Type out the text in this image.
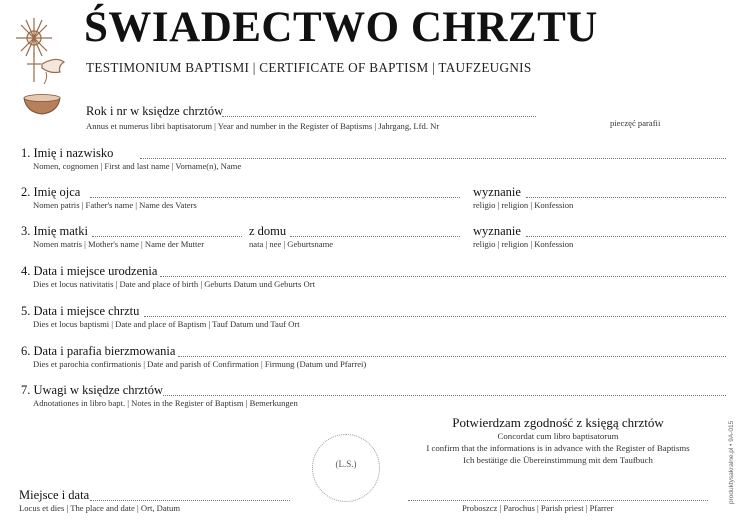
ŚWIADECTWO CHRZTU
TESTIMONIUM BAPTISMI | CERTIFICATE OF BAPTISM | TAUFZEUGNIS
Rok i nr w księdze chrztów
Annus et numerus libri baptisatorum | Year and number in the Register of Baptisms | Jahrgang, Lfd. Nr	pieczęć parafii
1. Imię i nazwisko
Nomen, cognomen | First and last name | Vorname(n), Name
2. Imię ojca
Nomen patris | Father's name | Name des Vaters
wyznanie
religio | religion | Konfession
3. Imię matki
Nomen matris | Mother's name | Name der Mutter
z domu
nata | nee | Geburtsname
wyznanie
religio | religion | Konfession
4. Data i miejsce urodzenia
Dies et locus nativitatis | Date and place of birth | Geburts Datum und Geburts Ort
5. Data i miejsce chrztu
Dies et locus baptismi | Date and place of Baptism | Tauf Datum und Tauf Ort
6. Data i parafia bierzmowania
Dies et parochia confirmationis | Date and parish of Confirmation | Firmung (Datum und Pfarrei)
7. Uwagi w księdze chrztów
Adnotationes in libro bapt. | Notes in the Register of Baptism | Bemerkungen
Potwierdzam zgodność z księgą chrztów
Concordat cum libro baptisatorum
I confirm that the informations is in advance with the Register of Baptisms
Ich bestätige die Übereinstimmung mit dem Taufbuch
(L.S.)
Miejsce i data
Locus et dies | The place and date | Ort, Datum	Proboszcz | Parochus | Parish priest | Pfarrer
produktysakralne.pl • 9A-015
